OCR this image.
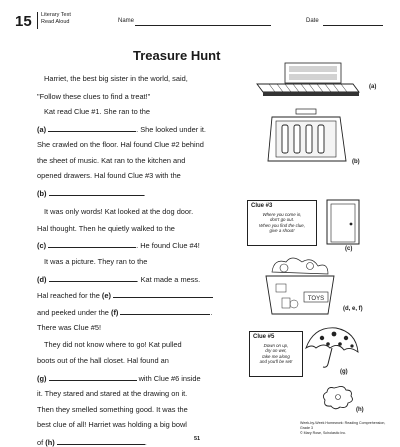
15 Literary Text
Read Aloud	Name	Date
Treasure Hunt
Harriet, the best big sister in the world, said,
"Follow these clues to find a treat!"
Kat read Clue #1. She ran to the
(a)	. She looked under it.
She crawled on the floor. Hal found Clue #2 behind
the sheet of music. Kat ran to the kitchen and
opened drawers. Hal found Clue #3 with the
(b)	.
It was only words! Kat looked at the dog door.
Hal thought. Then he quietly walked to the
(c)	. He found Clue #4!
It was a picture. They ran to the
(d)	. Kat made a mess.
Hal reached for the (e)
and peeked under the (f)	.
There was Clue #5!
They did not know where to go! Kat pulled
boots out of the hall closet. Hal found an
(g)	with Clue #6 inside
it. They stared and stared at the drawing on it.
Then they smelled something good. It was the
best clue of all! Harriet was holding a big bowl
of (h)	.
(a)
(b)
Clue #3
Where you come in,
don't go out.
When you find the clue,
give a shout!
(c)
TOYS
(d, e, f)
Clue #5
Down on up,
dry on wet,
take me along
and you'll be set!
(g)
(h)
Week-by-Week Homework: Reading Comprehension, Grade 3
© Mary Rose, Scholastic Inc.
51
